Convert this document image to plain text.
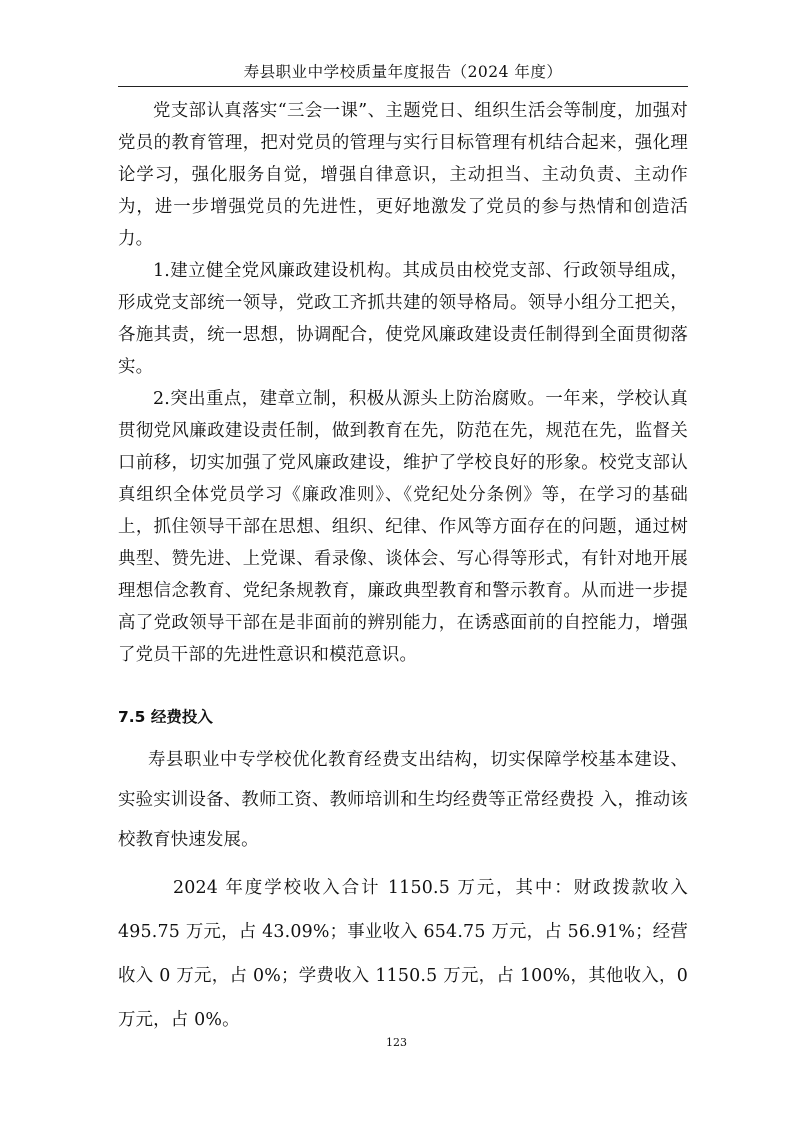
寿县职业中学校质量年度报告（2024 年度）

党支部认真落实“三会一课”、主题党日、组织生活会等制度，加强对党员的教育管理，把对党员的管理与实行目标管理有机结合起来，强化理论学习，强化服务自觉，增强自律意识，主动担当、主动负责、主动作为，进一步增强党员的先进性，更好地激发了党员的参与热情和创造活力。

1.建立健全党风廉政建设机构。其成员由校党支部、行政领导组成，形成党支部统一领导，党政工齐抓共建的领导格局。领导小组分工把关，各施其责，统一思想，协调配合，使党风廉政建设责任制得到全面贯彻落实。

2.突出重点，建章立制，积极从源头上防治腐败。一年来，学校认真贯彻党风廉政建设责任制，做到教育在先，防范在先，规范在先，监督关口前移，切实加强了党风廉政建设，维护了学校良好的形象。校党支部认真组织全体党员学习《廉政准则》、《党纪处分条例》等，在学习的基础上，抓住领导干部在思想、组织、纪律、作风等方面存在的问题，通过树典型、赞先进、上党课、看录像、谈体会、写心得等形式，有针对地开展理想信念教育、党纪条规教育，廉政典型教育和警示教育。从而进一步提高了党政领导干部在是非面前的辨别能力，在诱惑面前的自控能力，增强了党员干部的先进性意识和模范意识。

7.5 经费投入

寿县职业中专学校优化教育经费支出结构，切实保障学校基本建设、实验实训设备、教师工资、教师培训和生均经费等正常经费投 入，推动该校教育快速发展。

2024 年度学校收入合计 1150.5 万元，其中：财政拨款收入 495.75 万元，占 43.09%；事业收入 654.75 万元，占 56.91%；经营收入 0 万元，占 0%；学费收入 1150.5 万元，占 100%，其他收入，0 万元，占 0%。

123
